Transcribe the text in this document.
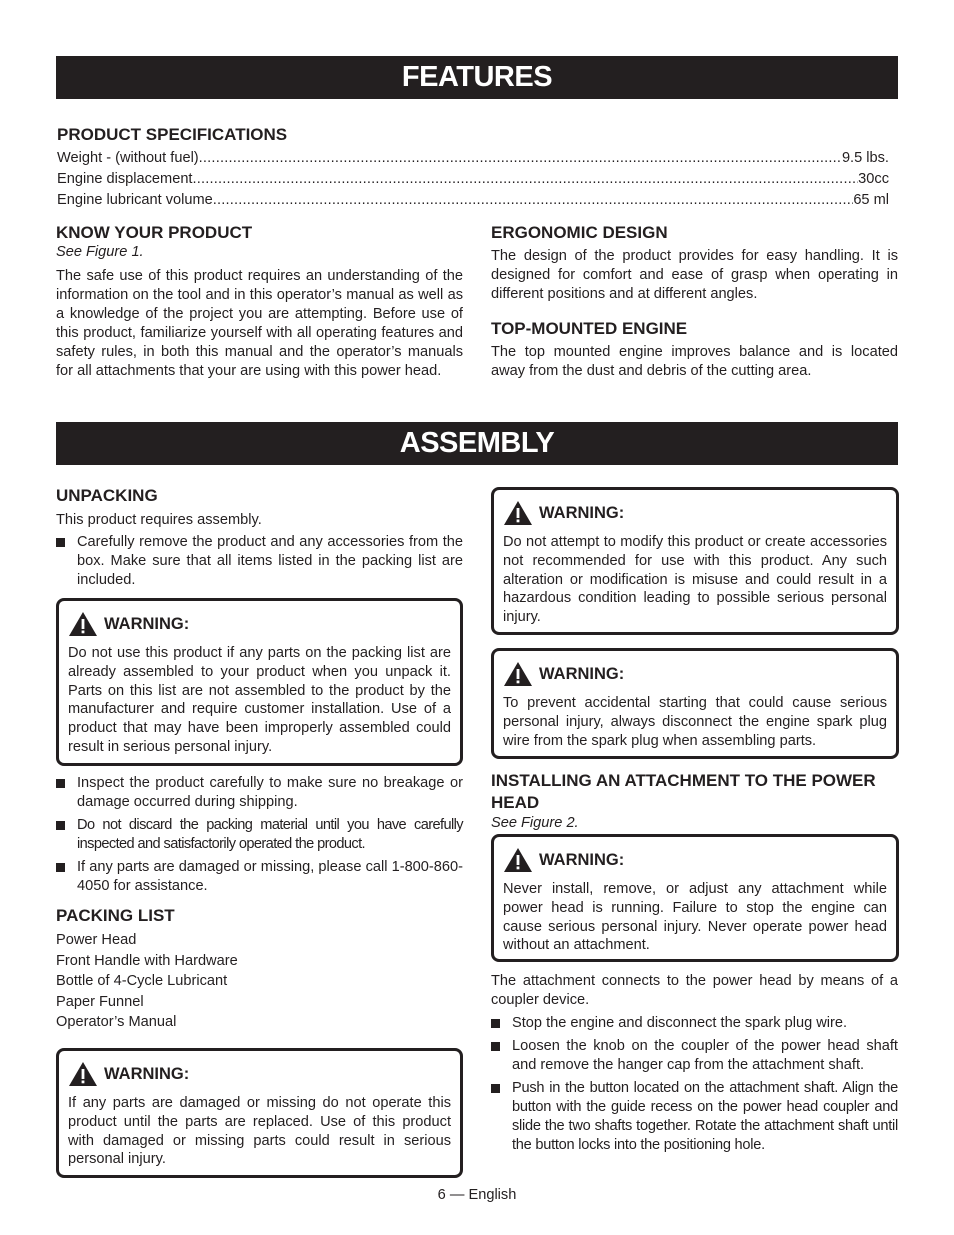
FEATURES
PRODUCT SPECIFICATIONS
Weight - (without fuel) .....	9.5 lbs.
Engine displacement .....	30cc
Engine lubricant volume .....	65 ml
KNOW YOUR PRODUCT
See Figure 1.
The safe use of this product requires an understanding of the information on the tool and in this operator’s manual as well as a knowledge of the project you are attempting. Before use of this product, familiarize yourself with all operating features and safety rules, in both this manual and the operator’s manuals for all attachments that your are using with this power head.
ERGONOMIC DESIGN
The design of the product provides for easy handling. It is designed for comfort and ease of grasp when operating in different positions and at different angles.
TOP-MOUNTED ENGINE
The top mounted engine improves balance and is located away from the dust and debris of the cutting area.
ASSEMBLY
UNPACKING
This product requires assembly.
Carefully remove the product and any accessories from the box. Make sure that all items listed in the packing list are included.
WARNING:
Do not use this product if any parts on the packing list are already assembled to your product when you unpack it. Parts on this list are not assembled to the product by the manufacturer and require customer installation. Use of a product that may have been improperly assembled could result in serious personal injury.
Inspect the product carefully to make sure no breakage or damage occurred during shipping.
Do not discard the packing material until you have carefully inspected and satisfactorily operated the product.
If any parts are damaged or missing, please call 1-800-860-4050 for assistance.
PACKING LIST
Power Head
Front Handle with Hardware
Bottle of 4-Cycle Lubricant
Paper Funnel
Operator’s Manual
WARNING:
If any parts are damaged or missing do not operate this product until the parts are replaced. Use of this product with damaged or missing parts could result in serious personal injury.
WARNING:
Do not attempt to modify this product or create accessories not recommended for use with this product. Any such alteration or modification is misuse and could result in a hazardous condition leading to possible serious personal injury.
WARNING:
To prevent accidental starting that could cause serious personal injury, always disconnect the engine spark plug wire from the spark plug when assembling parts.
INSTALLING AN ATTACHMENT TO THE POWER HEAD
See Figure 2.
WARNING:
Never install, remove, or adjust any attachment while power head is running. Failure to stop the engine can cause serious personal injury. Never operate power head without an attachment.
The attachment connects to the power head by means of a coupler device.
Stop the engine and disconnect the spark plug wire.
Loosen the knob on the coupler of the power head shaft and remove the hanger cap from the attachment shaft.
Push in the button located on the attachment shaft. Align the button with the guide recess on the power head coupler and slide the two shafts together. Rotate the attachment shaft until the button locks into the positioning hole.
6 — English
